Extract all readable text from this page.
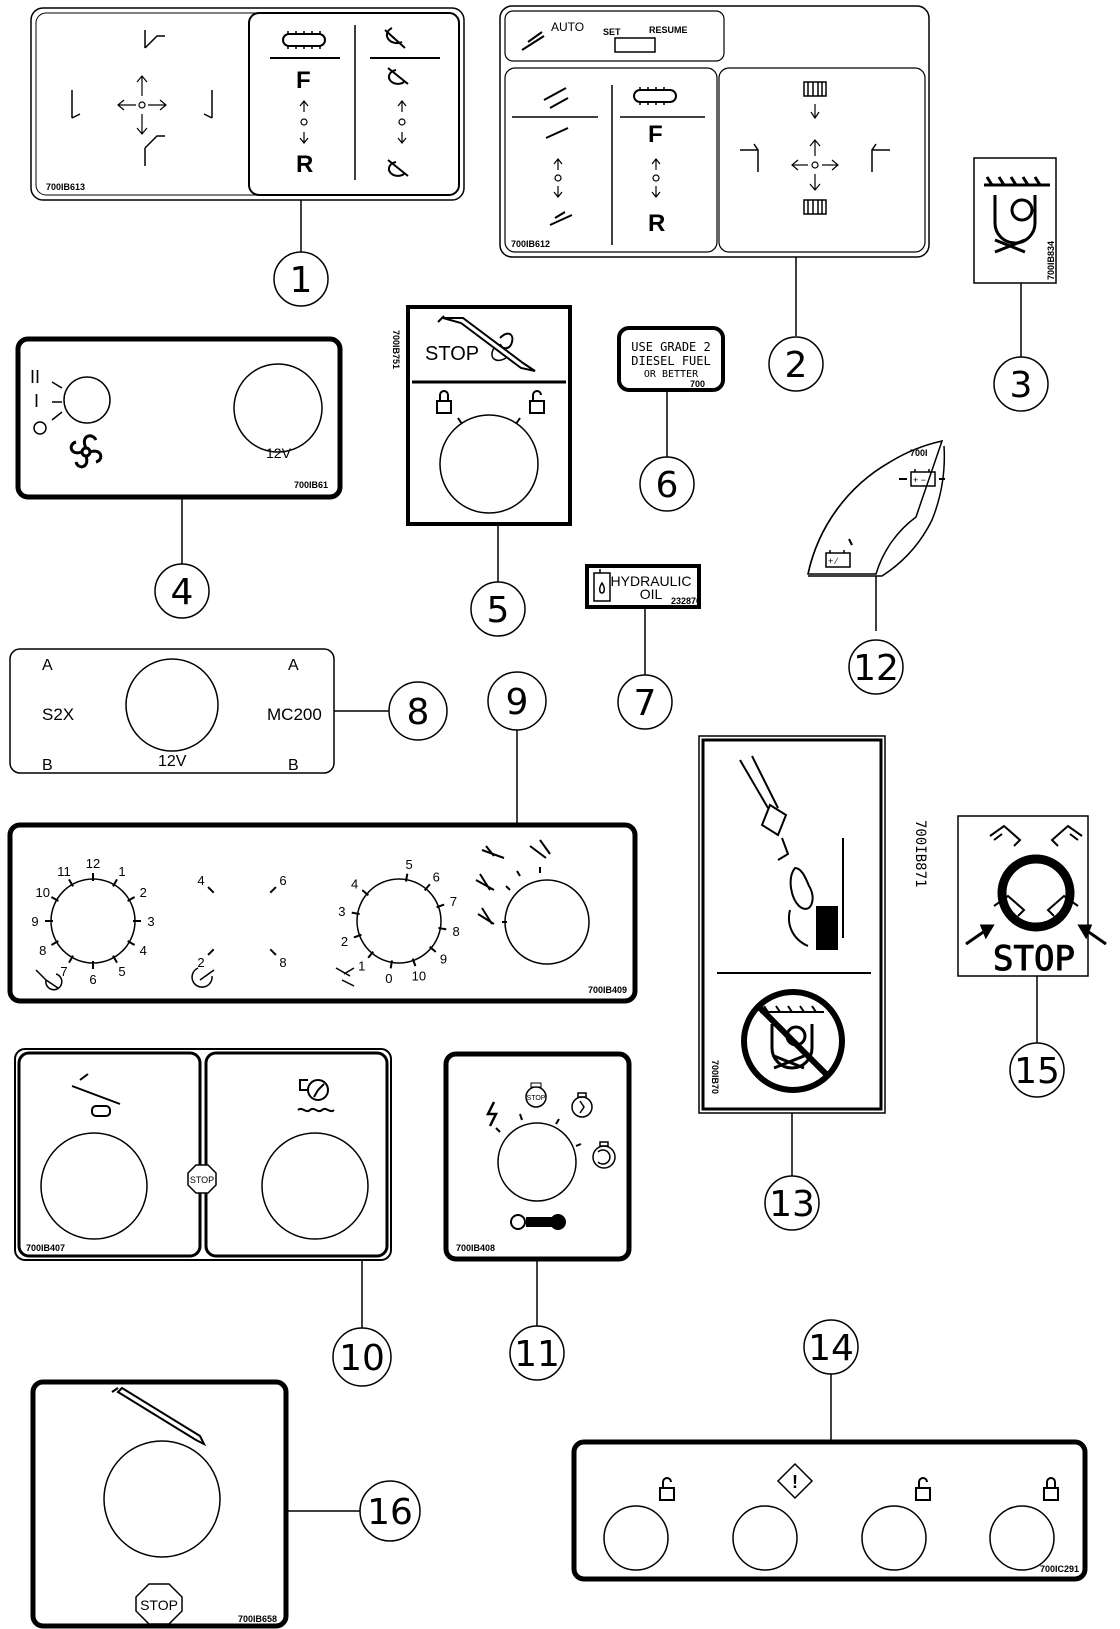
700IB613
F
R
1
AUTO SET	RESUME
F
R
700IB612
2
700IB834
3
II
I
12V
700IB61
4
700IB751 STOP
5
USE GRADE 2
DIESEL FUEL
OR BETTER
700
6	+ −
+ ⁄
700I
12
HYDRAULIC
OIL 232876
7
A	A
S2X	MC200
B	B
12V
8 9
12
1
2
3
4
5
6
7
8
9
10
11
4	6
2	8
5
6
7
8
9
10
0
1
2
3
4
700IB409
700IB70
13
700IB871
STOP
15
STOP
700IB407
10
STOP
700IB408
11	14
!
700IC291
STOP
700IB658
16
